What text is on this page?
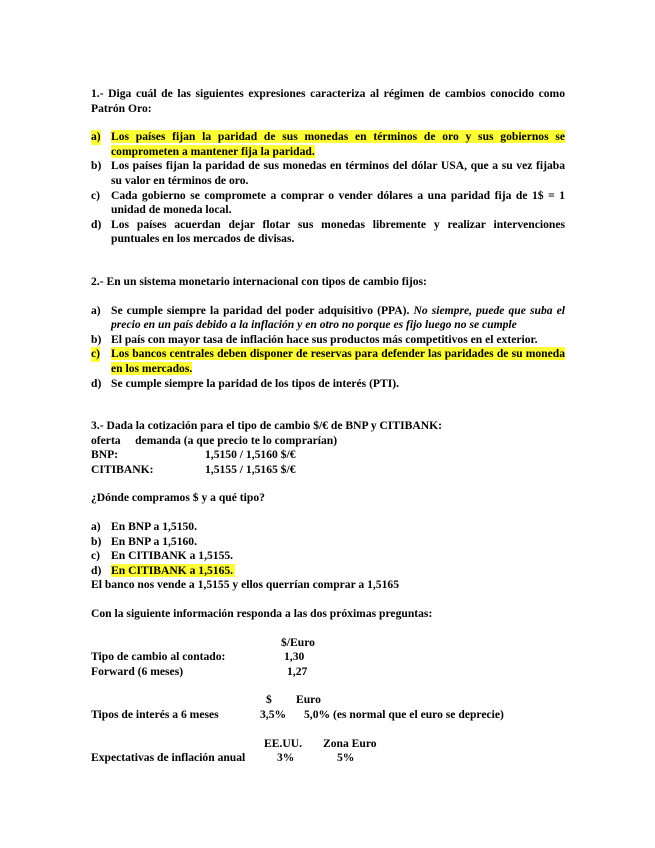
1.- Diga cuál de las siguientes expresiones caracteriza al régimen de cambios conocido como Patrón Oro:

a) Los países fijan la paridad de sus monedas en términos de oro y sus gobiernos se comprometen a mantener fija la paridad.
b) Los países fijan la paridad de sus monedas en términos del dólar USA, que a su vez fijaba su valor en términos de oro.
c) Cada gobierno se compromete a comprar o vender dólares a una paridad fija de 1$ = 1 unidad de moneda local.
d) Los países acuerdan dejar flotar sus monedas libremente y realizar intervenciones puntuales en los mercados de divisas.

2.- En un sistema monetario internacional con tipos de cambio fijos:

a) Se cumple siempre la paridad del poder adquisitivo (PPA). No siempre, puede que suba el precio en un país debido a la inflación y en otro no porque es fijo luego no se cumple
b) El país con mayor tasa de inflación hace sus productos más competitivos en el exterior.
c) Los bancos centrales deben disponer de reservas para defender las paridades de su moneda en los mercados.
d) Se cumple siempre la paridad de los tipos de interés (PTI).

3.- Dada la cotización para el tipo de cambio $/€ de BNP y CITIBANK:

oferta     demanda (a que precio te lo comprarían)

BNP:	1,5150 / 1,5160 $/€
CITIBANK:	1,5155 / 1,5165 $/€

¿Dónde compramos $ y a qué tipo?

a) En BNP a 1,5150.
b) En BNP a 1,5160.
c) En CITIBANK a 1,5155.
d) En CITIBANK a 1,5165.

El banco nos vende a 1,5155 y ellos querrían comprar a 1,5165

Con la siguiente información responda a las dos próximas preguntas:

$/Euro
Tipo de cambio al contado:	1,30
Forward (6 meses)	1,27
$ Euro
Tipos de interés a 6 meses	3,5% 5,0% (es normal que el euro se deprecie)
EE.UU. Zona Euro
Expectativas de inflación anual	3%	5%
